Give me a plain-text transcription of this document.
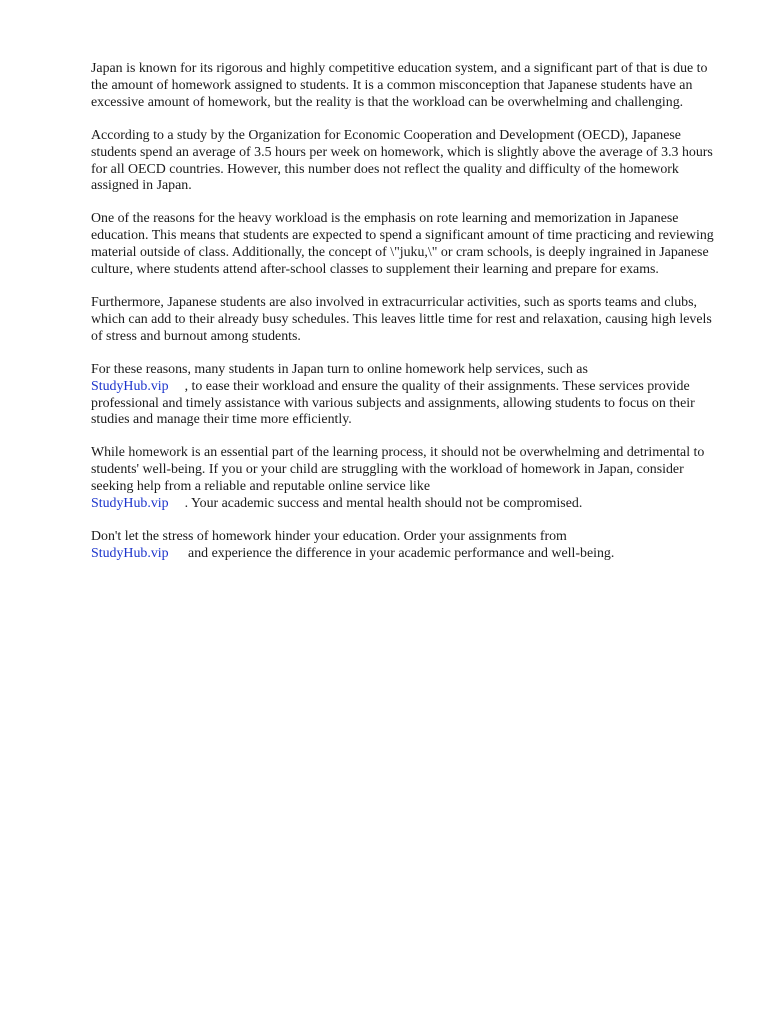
Japan is known for its rigorous and highly competitive education system, and a significant part of that is due to the amount of homework assigned to students. It is a common misconception that Japanese students have an excessive amount of homework, but the reality is that the workload can be overwhelming and challenging.

According to a study by the Organization for Economic Cooperation and Development (OECD), Japanese students spend an average of 3.5 hours per week on homework, which is slightly above the average of 3.3 hours for all OECD countries. However, this number does not reflect the quality and difficulty of the homework assigned in Japan.

One of the reasons for the heavy workload is the emphasis on rote learning and memorization in Japanese education. This means that students are expected to spend a significant amount of time practicing and reviewing material outside of class. Additionally, the concept of \"juku,\" or cram schools, is deeply ingrained in Japanese culture, where students attend after-school classes to supplement their learning and prepare for exams.

Furthermore, Japanese students are also involved in extracurricular activities, such as sports teams and clubs, which can add to their already busy schedules. This leaves little time for rest and relaxation, causing high levels of stress and burnout among students.

For these reasons, many students in Japan turn to online homework help services, such as
StudyHub.vip , to ease their workload and ensure the quality of their assignments. These services provide professional and timely assistance with various subjects and assignments, allowing students to focus on their studies and manage their time more efficiently.

While homework is an essential part of the learning process, it should not be overwhelming and detrimental to students' well-being. If you or your child are struggling with the workload of homework in Japan, consider seeking help from a reliable and reputable online service like
StudyHub.vip . Your academic success and mental health should not be compromised.

Don't let the stress of homework hinder your education. Order your assignments from
StudyHub.vip and experience the difference in your academic performance and well-being.
